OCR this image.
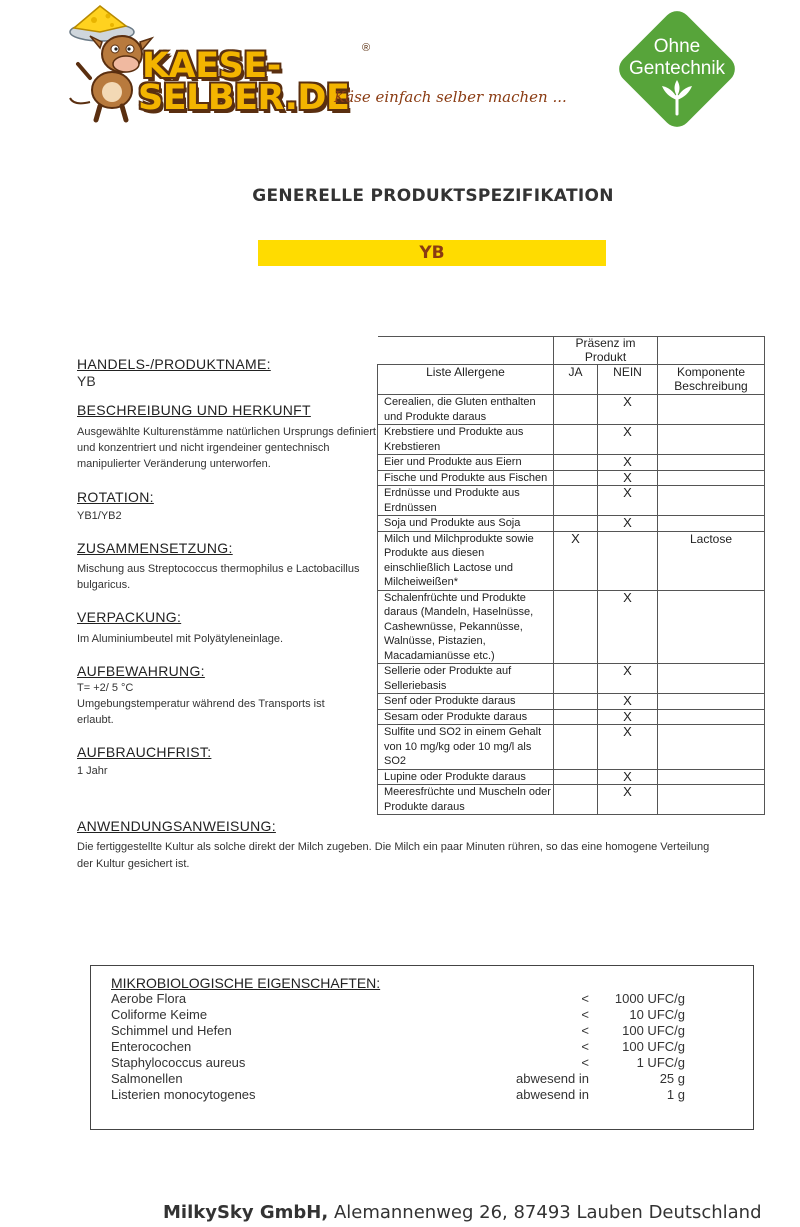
KAESE-
SELBER.DE
®
Käse einfach selber machen ...
Ohne
Gentechnik
GENERELLE PRODUKTSPEZIFIKATION
YB
HANDELS-/PRODUKTNAME:
YB
BESCHREIBUNG UND HERKUNFT
Ausgewählte Kulturenstämme natürlichen Ursprungs definiert und konzentriert und nicht irgendeiner gentechnisch manipulierter Veränderung unterworfen.
ROTATION:
YB1/YB2
ZUSAMMENSETZUNG:
Mischung aus Streptococcus thermophilus e Lactobacillus bulgaricus.
VERPACKUNG:
Im Aluminiumbeutel mit Polyätyleneinlage.
AUFBEWAHRUNG:
T= +2/ 5 °C
Umgebungstemperatur während des Transports ist erlaubt.
AUFBRAUCHFRIST:
1 Jahr
	Präsenz im Produkt		
Liste Allergene	JA	NEIN	Komponente Beschreibung
Cerealien, die Gluten enthalten und Produkte daraus		X	
Krebstiere und Produkte aus Krebstieren		X	
Eier und Produkte aus Eiern		X	
Fische und Produkte aus Fischen		X	
Erdnüsse und Produkte aus Erdnüssen		X	
Soja und Produkte aus Soja		X	
Milch und Milchprodukte sowie Produkte aus diesen einschließlich Lactose und Milcheiweißen*	X		Lactose
Schalenfrüchte und Produkte daraus (Mandeln, Haselnüsse, Cashewnüsse, Pekannüsse, Walnüsse, Pistazien, Macadamianüsse etc.)		X	
Sellerie oder Produkte auf Selleriebasis		X	
Senf oder Produkte daraus		X	
Sesam oder Produkte daraus		X	
Sulfite und SO2 in einem Gehalt von 10 mg/kg oder 10 mg/l als SO2		X	
Lupine oder Produkte daraus		X	
Meeresfrüchte und Muscheln oder Produkte daraus		X	
ANWENDUNGSANWEISUNG:
Die fertiggestellte Kultur als solche direkt der Milch zugeben. Die Milch ein paar Minuten rühren, so das eine homogene Verteilung der Kultur gesichert ist.
MIKROBIOLOGISCHE EIGENSCHAFTEN:
Aerobe Flora	< 1000 UFC/g
Coliforme Keime	<	10 UFC/g
Schimmel und Hefen	<	100 UFC/g
Enterocochen	<	100 UFC/g
Staphylococcus aureus	<	1 UFC/g
Salmonellen	abwesend in	25 g
Listerien monocytogenes	abwesend in	1 g
MilkySky GmbH, Alemannenweg 26, 87493 Lauben Deutschland
